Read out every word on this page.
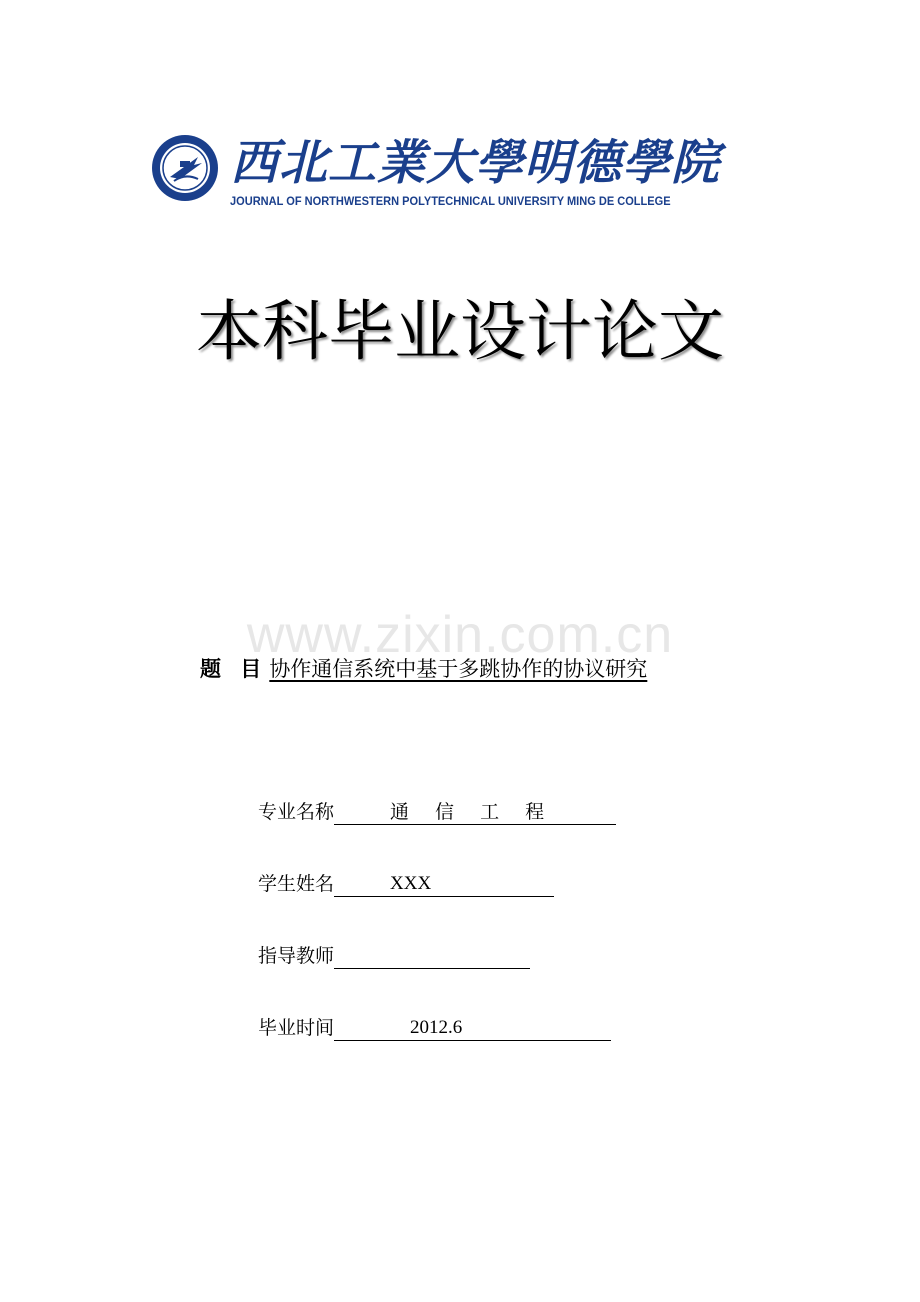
西北工業大學明德學院
JOURNAL OF NORTHWESTERN POLYTECHNICAL UNIVERSITY MING DE COLLEGE
本科毕业设计论文
www.zixin.com.cn
题 目协作通信系统中基于多跳协作的协议研究
专业名称	通 信 工 程
学生姓名	XXX
指导教师
毕业时间	2012.6
